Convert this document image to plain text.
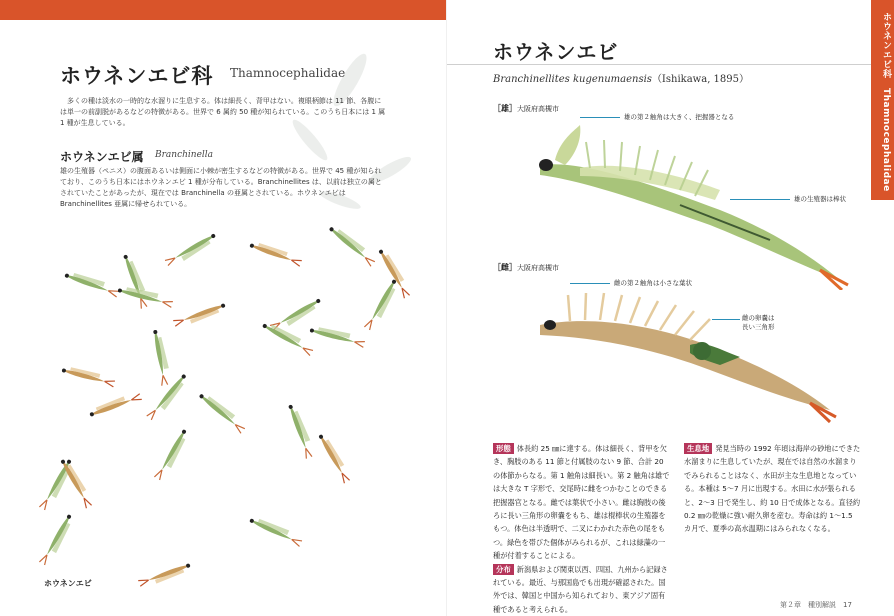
ホウネンエビ科 Thamnocephalidae
多くの種は淡水の一時的な水溜りに生息する。体は細長く、背甲はない。複眼柄節は 11 節、各腹には単一の前副脱があるなどの特徴がある。世界で 6 属約 50 種が知られている。このうち日本には 1 属 1 種が生息している。
ホウネンエビ属 Branchinella
雄の生殖器（ペニス）の腹面あるいは側面に小棘が密生するなどの特徴がある。世界で 45 種が知られており、このうち日本にはホウネンエビ 1 種が分布している。Branchinellites は、以前は独立の属とされていたことがあったが、現在では Branchinella の亜属とされている。ホウネンエビは Branchinellites 亜属に帰せられている。
ホウネンエビ
ホウネンエビ
Branchinellites kugenumaensis（Ishikawa, 1895）	ホウネンエビ科　Thamnocephalidae
［雄］大阪府高槻市
雄の第２触角は大きく、把握器となる
雄の生殖器は棒状
［雌］大阪府高槻市
雌の第２触角は小さな葉状
雌の卵嚢は
長い三角形
形態 体長約 25 ㎜に達する。体は細長く、背甲を欠き、胸肢のある 11 節と付属肢のない 9 節、合計 20 の体節からなる。第 1 触角は細長い。第 2 触角は雄では大きな T 字形で、交尾時に雌をつかむことのできる把握器官となる。雌では葉状で小さい。雌は胸肢の後ろに長い三角形の卵嚢をもち、雄は棍棒状の生殖器をもつ。体色は半透明で、二叉にわかれた赤色の尾をもつ。緑色を帯びた個体がみられるが、これは緑藻の一種が付着することによる。
分布 新潟県および関東以西、四国、九州から記録されている。最近、与那国島でも出現が確認された。国外では、韓国と中国から知られており、東アジア固有種であると考えられる。
生息地 発見当時の 1992 年頃は海岸の砂地にできた水溜まりに生息していたが、現在では自然の水溜まりでみられることはなく、水田が主な生息地となっている。本種は 5〜7 月に出現する。水田に水が張られると、2〜3 日で発生し、約 10 日で成体となる。直径約 0.2 ㎜の乾燥に強い耐久卵を産む。寿命は約 1〜1.5 カ月で、夏季の高水温期にはみられなくなる。
第２章　種別解説　17
